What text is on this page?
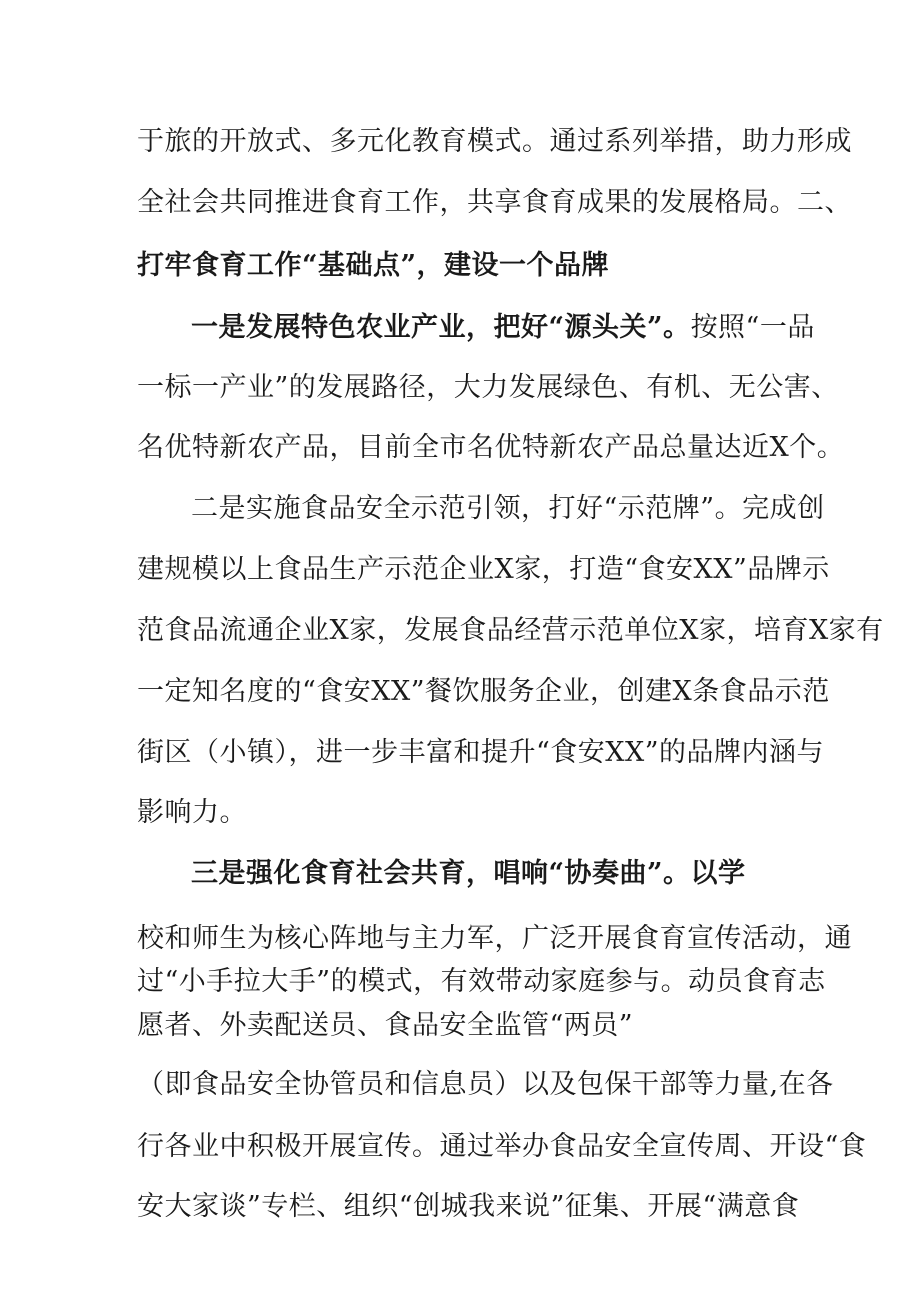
于旅的开放式、多元化教育模式。通过系列举措，助力形成
全社会共同推进食育工作，共享食育成果的发展格局。二、
打牢食育工作“基础点”，建设一个品牌
一是发展特色农业产业，把好“源头关”。按照“一品
一标一产业”的发展路径，大力发展绿色、有机、无公害、
名优特新农产品，目前全市名优特新农产品总量达近X个。
二是实施食品安全示范引领，打好“示范牌”。完成创
建规模以上食品生产示范企业X家，打造“食安XX”品牌示
范食品流通企业X家，发展食品经营示范单位X家，培育X家有
一定知名度的“食安XX”餐饮服务企业，创建X条食品示范
街区（小镇），进一步丰富和提升“食安XX”的品牌内涵与
影响力。
三是强化食育社会共育，唱响“协奏曲”。以学
校和师生为核心阵地与主力军，广泛开展食育宣传活动，通
过“小手拉大手”的模式，有效带动家庭参与。动员食育志
愿者、外卖配送员、食品安全监管“两员”
（即食品安全协管员和信息员）以及包保干部等力量,在各
行各业中积极开展宣传。通过举办食品安全宣传周、开设“食
安大家谈”专栏、组织“创城我来说”征集、开展“满意食
